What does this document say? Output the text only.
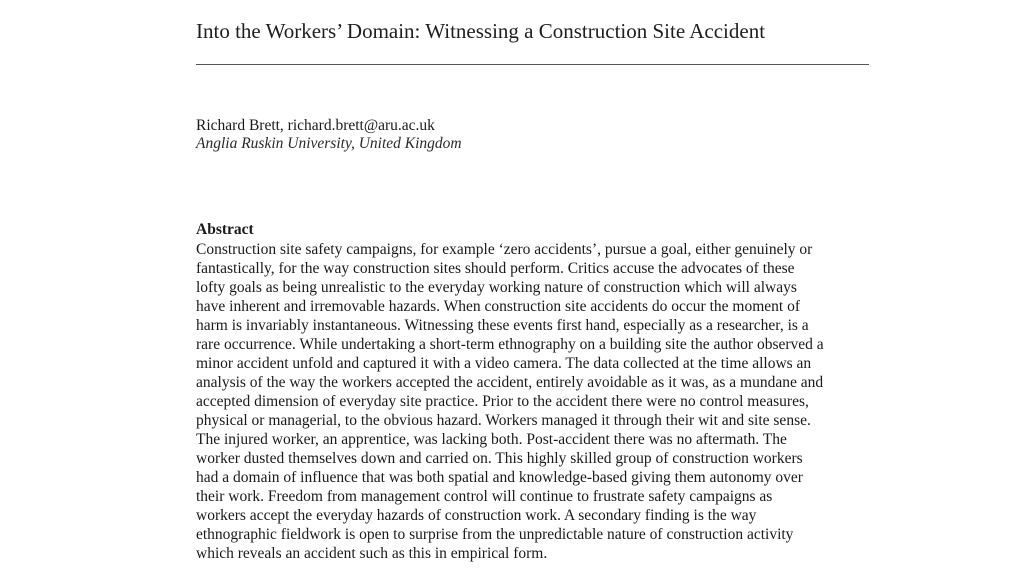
Into the Workers’ Domain: Witnessing a Construction Site Accident
Richard Brett, richard.brett@aru.ac.uk
Anglia Ruskin University, United Kingdom
Abstract
Construction site safety campaigns, for example ‘zero accidents’, pursue a goal, either genuinely or
fantastically, for the way construction sites should perform. Critics accuse the advocates of these
lofty goals as being unrealistic to the everyday working nature of construction which will always
have inherent and irremovable hazards. When construction site accidents do occur the moment of
harm is invariably instantaneous. Witnessing these events first hand, especially as a researcher, is a
rare occurrence. While undertaking a short-term ethnography on a building site the author observed a
minor accident unfold and captured it with a video camera. The data collected at the time allows an
analysis of the way the workers accepted the accident, entirely avoidable as it was, as a mundane and
accepted dimension of everyday site practice. Prior to the accident there were no control measures,
physical or managerial, to the obvious hazard. Workers managed it through their wit and site sense.
The injured worker, an apprentice, was lacking both. Post-accident there was no aftermath. The
worker dusted themselves down and carried on. This highly skilled group of construction workers
had a domain of influence that was both spatial and knowledge-based giving them autonomy over
their work. Freedom from management control will continue to frustrate safety campaigns as
workers accept the everyday hazards of construction work. A secondary finding is the way
ethnographic fieldwork is open to surprise from the unpredictable nature of construction activity
which reveals an accident such as this in empirical form.
